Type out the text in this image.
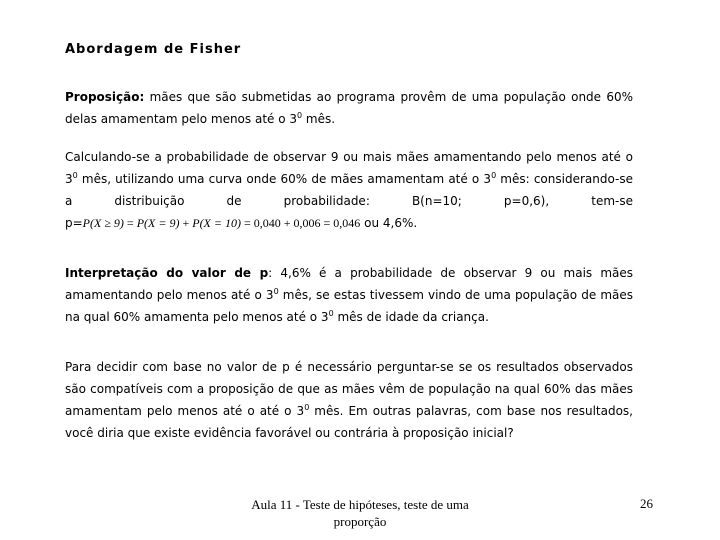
Abordagem de Fisher
Proposição: mães que são submetidas ao programa provêm de uma população onde 60% delas amamentam pelo menos até o $3^0$ mês.
Calculando-se a probabilidade de observar 9 ou mais mães amamentando pelo menos até o $3^0$ mês, utilizando uma curva onde 60% de mães amamentam até o $3^0$ mês: considerando-se a distribuição de probabilidade: B(n=10; p=0,6), tem-se p=P(X ≥ 9) = P(X = 9) + P(X = 10) = 0,040 + 0,006 = 0,046 ou 4,6%.
Interpretação do valor de p: 4,6% é a probabilidade de observar 9 ou mais mães amamentando pelo menos até o $3^0$ mês, se estas tivessem vindo de uma população de mães na qual 60% amamenta pelo menos até o $3^0$ mês de idade da criança.
Para decidir com base no valor de p é necessário perguntar-se se os resultados observados são compatíveis com a proposição de que as mães vêm de população na qual 60% das mães amamentam pelo menos até o até o $3^0$ mês. Em outras palavras, com base nos resultados, você diria que existe evidência favorável ou contrária à proposição inicial?
Aula 11 - Teste de hipóteses, teste de uma proporção
26
